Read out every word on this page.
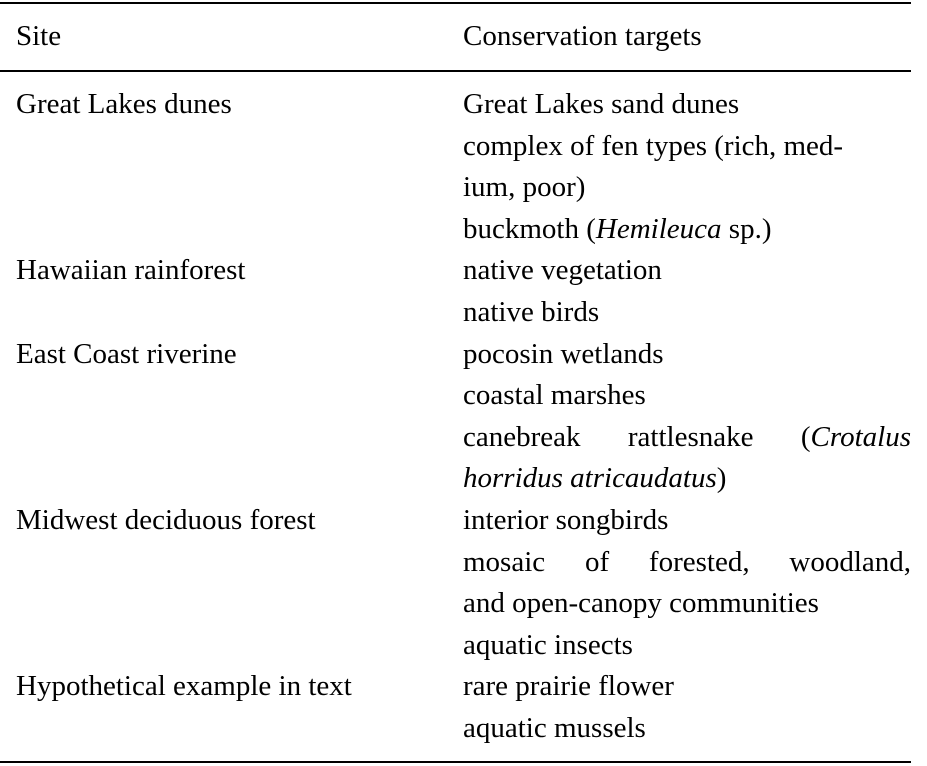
Site	Conservation targets
Great Lakes dunes	Great Lakes sand dunes
complex of fen types (rich, med-
ium, poor)
buckmoth (Hemileuca sp.)
Hawaiian rainforest	native vegetation
native birds
East Coast riverine	pocosin wetlands
coastal marshes
canebreak rattlesnake (Crotalus
horridus atricaudatus)
Midwest deciduous forest	interior songbirds
mosaic of forested, woodland,
and open-canopy communities
aquatic insects
Hypothetical example in text	rare prairie flower
aquatic mussels
